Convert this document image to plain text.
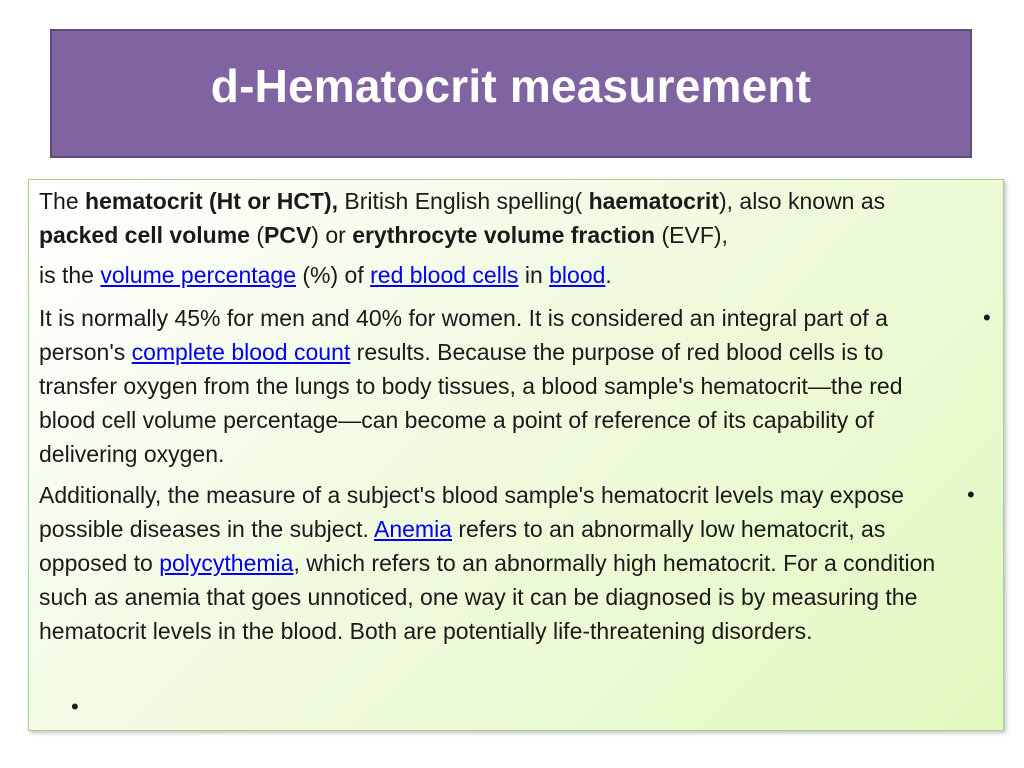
d-Hematocrit measurement
The hematocrit (Ht or HCT), British English spelling( haematocrit), also known as packed cell volume (PCV) or erythrocyte volume fraction (EVF),
is the volume percentage (%) of red blood cells in blood.
It is normally 45% for men and 40% for women. It is considered an integral part of a person's complete blood count results. Because the purpose of red blood cells is to transfer oxygen from the lungs to body tissues, a blood sample's hematocrit—the red blood cell volume percentage—can become a point of reference of its capability of delivering oxygen.
Additionally, the measure of a subject's blood sample's hematocrit levels may expose possible diseases in the subject. Anemia refers to an abnormally low hematocrit, as opposed to polycythemia, which refers to an abnormally high hematocrit. For a condition such as anemia that goes unnoticed, one way it can be diagnosed is by measuring the hematocrit levels in the blood. Both are potentially life-threatening disorders.
•
•
•
